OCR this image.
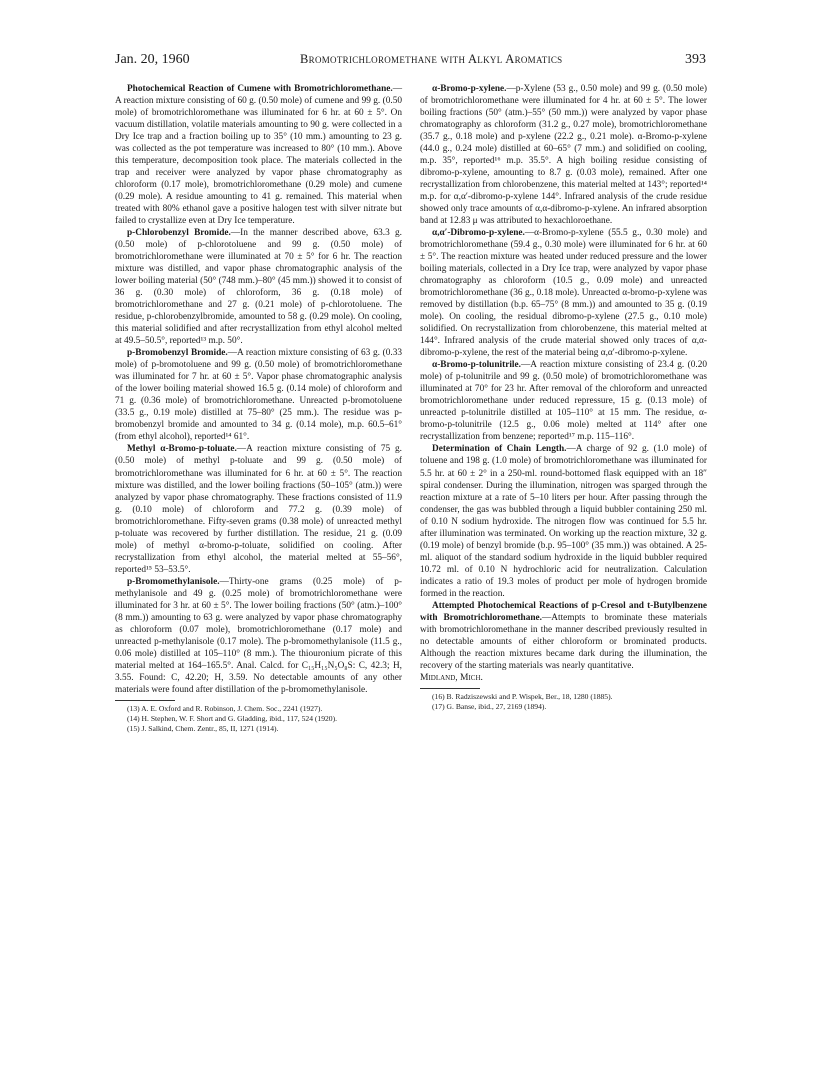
Jan. 20, 1960	Bromotrichloromethane with Alkyl Aromatics	393

Photochemical Reaction of Cumene with Bromotrichloromethane.—A reaction mixture consisting of 60 g. (0.50 mole) of cumene and 99 g. (0.50 mole) of bromotrichloromethane was illuminated for 6 hr. at 60 ± 5°. On vacuum distillation, volatile materials amounting to 90 g. were collected in a Dry Ice trap and a fraction boiling up to 35° (10 mm.) amounting to 23 g. was collected as the pot temperature was increased to 80° (10 mm.). Above this temperature, decomposition took place. The materials collected in the trap and receiver were analyzed by vapor phase chromatography as chloroform (0.17 mole), bromotrichloromethane (0.29 mole) and cumene (0.29 mole). A residue amounting to 41 g. remained. This material when treated with 80% ethanol gave a positive halogen test with silver nitrate but failed to crystallize even at Dry Ice temperature.

p-Chlorobenzyl Bromide.—In the manner described above, 63.3 g. (0.50 mole) of p-chlorotoluene and 99 g. (0.50 mole) of bromotrichloromethane were illuminated at 70 ± 5° for 6 hr. The reaction mixture was distilled, and vapor phase chromatographic analysis of the lower boiling material (50° (748 mm.)–80° (45 mm.)) showed it to consist of 36 g. (0.30 mole) of chloroform, 36 g. (0.18 mole) of bromotrichloromethane and 27 g. (0.21 mole) of p-chlorotoluene. The residue, p-chlorobenzylbromide, amounted to 58 g. (0.29 mole). On cooling, this material solidified and after recrystallization from ethyl alcohol melted at 49.5–50.5°, reported¹³ m.p. 50°.

p-Bromobenzyl Bromide.—A reaction mixture consisting of 63 g. (0.33 mole) of p-bromotoluene and 99 g. (0.50 mole) of bromotrichloromethane was illuminated for 7 hr. at 60 ± 5°. Vapor phase chromatographic analysis of the lower boiling material showed 16.5 g. (0.14 mole) of chloroform and 71 g. (0.36 mole) of bromotrichloromethane. Unreacted p-bromotoluene (33.5 g., 0.19 mole) distilled at 75–80° (25 mm.). The residue was p-bromobenzyl bromide and amounted to 34 g. (0.14 mole), m.p. 60.5–61° (from ethyl alcohol), reported¹⁴ 61°.

Methyl α-Bromo-p-toluate.—A reaction mixture consisting of 75 g. (0.50 mole) of methyl p-toluate and 99 g. (0.50 mole) of bromotrichloromethane was illuminated for 6 hr. at 60 ± 5°. The reaction mixture was distilled, and the lower boiling fractions (50–105° (atm.)) were analyzed by vapor phase chromatography. These fractions consisted of 11.9 g. (0.10 mole) of chloroform and 77.2 g. (0.39 mole) of bromotrichloromethane. Fifty-seven grams (0.38 mole) of unreacted methyl p-toluate was recovered by further distillation. The residue, 21 g. (0.09 mole) of methyl α-bromo-p-toluate, solidified on cooling. After recrystallization from ethyl alcohol, the material melted at 55–56°, reported¹⁵ 53–53.5°.

p-Bromomethylanisole.—Thirty-one grams (0.25 mole) of p-methylanisole and 49 g. (0.25 mole) of bromotrichloromethane were illuminated for 3 hr. at 60 ± 5°. The lower boiling fractions (50° (atm.)–100° (8 mm.)) amounting to 63 g. were analyzed by vapor phase chromatography as chloroform (0.07 mole), bromotrichloromethane (0.17 mole) and unreacted p-methylanisole (0.17 mole). The p-bromomethylanisole (11.5 g., 0.06 mole) distilled at 105–110° (8 mm.). The thiouronium picrate of this material melted at 164–165.5°. Anal. Calcd. for C₁₅H₁₅N₅O₈S: C, 42.3; H, 3.55. Found: C, 42.20; H, 3.59. No detectable amounts of any other materials were found after distillation of the p-bromomethylanisole.

(13) A. E. Oxford and R. Robinson, J. Chem. Soc., 2241 (1927).

(14) H. Stephen, W. F. Short and G. Gladding, ibid., 117, 524 (1920).

(15) J. Salkind, Chem. Zentr., 85, II, 1271 (1914).

α-Bromo-p-xylene.—p-Xylene (53 g., 0.50 mole) and 99 g. (0.50 mole) of bromotrichloromethane were illuminated for 4 hr. at 60 ± 5°. The lower boiling fractions (50° (atm.)–55° (50 mm.)) were analyzed by vapor phase chromatography as chloroform (31.2 g., 0.27 mole), bromotrichloromethane (35.7 g., 0.18 mole) and p-xylene (22.2 g., 0.21 mole). α-Bromo-p-xylene (44.0 g., 0.24 mole) distilled at 60–65° (7 mm.) and solidified on cooling, m.p. 35°, reported¹⁶ m.p. 35.5°. A high boiling residue consisting of dibromo-p-xylene, amounting to 8.7 g. (0.03 mole), remained. After one recrystallization from chlorobenzene, this material melted at 143°; reported¹⁴ m.p. for α,α′-dibromo-p-xylene 144°. Infrared analysis of the crude residue showed only trace amounts of α,α-dibromo-p-xylene. An infrared absorption band at 12.83 μ was attributed to hexachloroethane.

α,α′-Dibromo-p-xylene.—α-Bromo-p-xylene (55.5 g., 0.30 mole) and bromotrichloromethane (59.4 g., 0.30 mole) were illuminated for 6 hr. at 60 ± 5°. The reaction mixture was heated under reduced pressure and the lower boiling materials, collected in a Dry Ice trap, were analyzed by vapor phase chromatography as chloroform (10.5 g., 0.09 mole) and unreacted bromotrichloromethane (36 g., 0.18 mole). Unreacted α-bromo-p-xylene was removed by distillation (b.p. 65–75° (8 mm.)) and amounted to 35 g. (0.19 mole). On cooling, the residual dibromo-p-xylene (27.5 g., 0.10 mole) solidified. On recrystallization from chlorobenzene, this material melted at 144°. Infrared analysis of the crude material showed only traces of α,α-dibromo-p-xylene, the rest of the material being α,α′-dibromo-p-xylene.

α-Bromo-p-tolunitrile.—A reaction mixture consisting of 23.4 g. (0.20 mole) of p-tolunitrile and 99 g. (0.50 mole) of bromotrichloromethane was illuminated at 70° for 23 hr. After removal of the chloroform and unreacted bromotrichloromethane under reduced repressure, 15 g. (0.13 mole) of unreacted p-tolunitrile distilled at 105–110° at 15 mm. The residue, α-bromo-p-tolunitrile (12.5 g., 0.06 mole) melted at 114° after one recrystallization from benzene; reported¹⁷ m.p. 115–116°.

Determination of Chain Length.—A charge of 92 g. (1.0 mole) of toluene and 198 g. (1.0 mole) of bromotrichloromethane was illuminated for 5.5 hr. at 60 ± 2° in a 250-ml. round-bottomed flask equipped with an 18″ spiral condenser. During the illumination, nitrogen was sparged through the reaction mixture at a rate of 5–10 liters per hour. After passing through the condenser, the gas was bubbled through a liquid bubbler containing 250 ml. of 0.10 N sodium hydroxide. The nitrogen flow was continued for 5.5 hr. after illumination was terminated. On working up the reaction mixture, 32 g. (0.19 mole) of benzyl bromide (b.p. 95–100° (35 mm.)) was obtained. A 25-ml. aliquot of the standard sodium hydroxide in the liquid bubbler required 10.72 ml. of 0.10 N hydrochloric acid for neutralization. Calculation indicates a ratio of 19.3 moles of product per mole of hydrogen bromide formed in the reaction.

Attempted Photochemical Reactions of p-Cresol and t-Butylbenzene with Bromotrichloromethane.—Attempts to brominate these materials with bromotrichloromethane in the manner described previously resulted in no detectable amounts of either chloroform or brominated products. Although the reaction mixtures became dark during the illumination, the recovery of the starting materials was nearly quantitative.

Midland, Mich.

(16) B. Radziszewski and P. Wispek, Ber., 18, 1280 (1885).

(17) G. Banse, ibid., 27, 2169 (1894).
